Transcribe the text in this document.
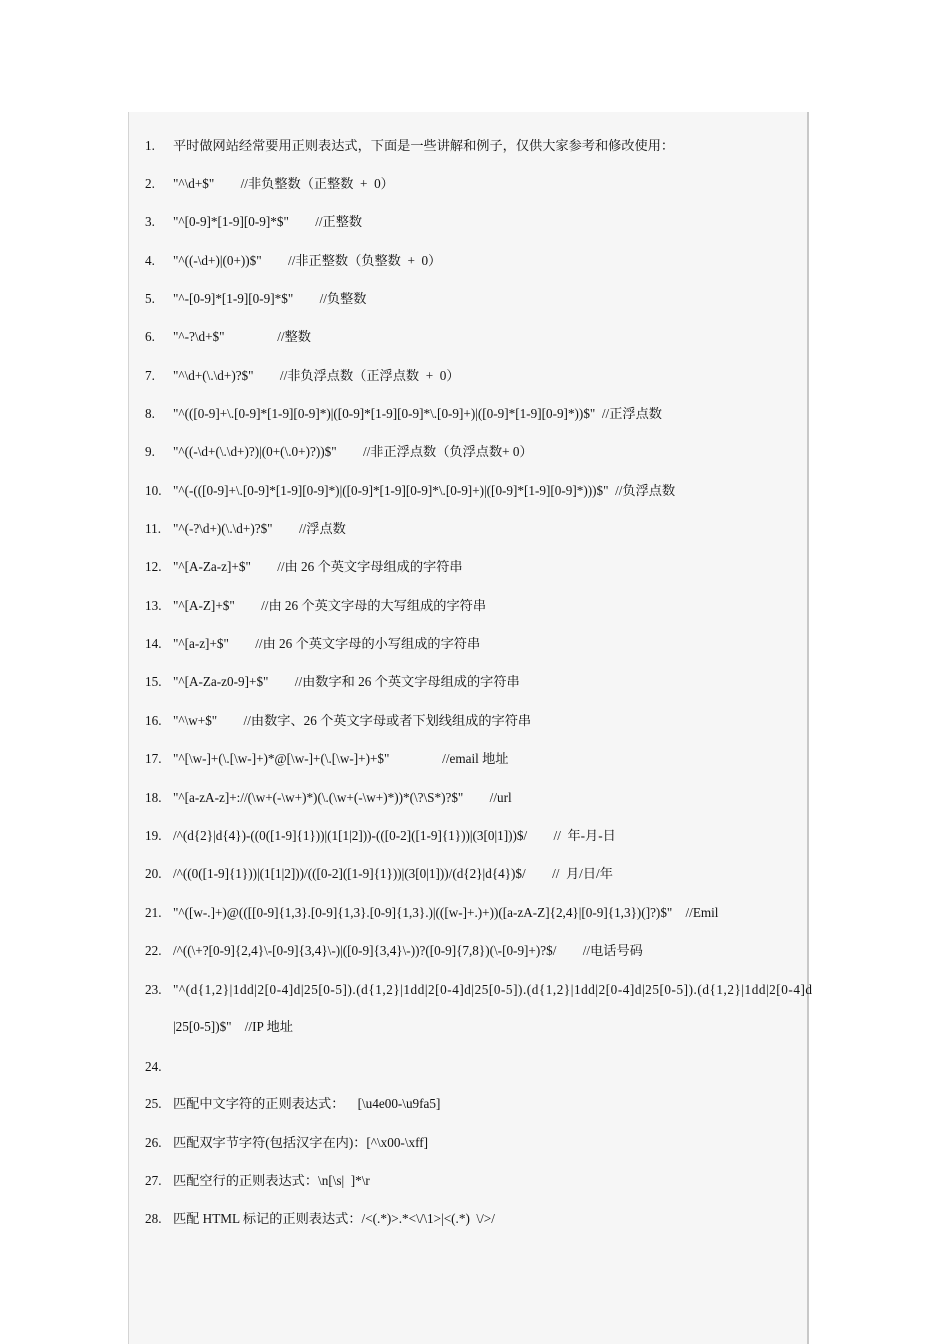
1.	平时做网站经常要用正则表达式，下面是一些讲解和例子，仅供大家参考和修改使用：
2.	"^\d+$"        //非负整数（正整数  +  0）
3.	"^[0-9]*[1-9][0-9]*$"        //正整数
4.	"^((-\d+)|(0+))$"        //非正整数（负整数  +  0）
5.	"^-[0-9]*[1-9][0-9]*$"        //负整数
6.	"^-?\d+$"                //整数
7.	"^\d+(\.\d+)?$"        //非负浮点数（正浮点数  +  0）
8.	"^(([0-9]+\.[0-9]*[1-9][0-9]*)|([0-9]*[1-9][0-9]*\.[0-9]+)|([0-9]*[1-9][0-9]*))$"  //正浮点数
9.	"^((-\d+(\.\d+)?)|(0+(\.0+)?))$"        //非正浮点数（负浮点数+ 0）
10. "^(-(([0-9]+\.[0-9]*[1-9][0-9]*)|([0-9]*[1-9][0-9]*\.[0-9]+)|([0-9]*[1-9][0-9]*)))$"  //负浮点数
11. "^(-?\d+)(\.\d+)?$"        //浮点数
12. "^[A-Za-z]+$"        //由 26 个英文字母组成的字符串
13. "^[A-Z]+$"        //由 26 个英文字母的大写组成的字符串
14. "^[a-z]+$"        //由 26 个英文字母的小写组成的字符串
15. "^[A-Za-z0-9]+$"        //由数字和 26 个英文字母组成的字符串
16. "^\w+$"        //由数字、26 个英文字母或者下划线组成的字符串
17. "^[\w-]+(\.[\w-]+)*@[\w-]+(\.[\w-]+)+$"                //email 地址
18. "^[a-zA-z]+://(\w+(-\w+)*)(\.(\w+(-\w+)*))*(\?\S*)?$"        //url
19. /^(d{2}|d{4})-((0([1-9]{1}))|(1[1|2]))-(([0-2]([1-9]{1}))|(3[0|1]))$/        //  年-月-日
20. /^((0([1-9]{1}))|(1[1|2]))/(([0-2]([1-9]{1}))|(3[0|1]))/(d{2}|d{4})$/        //  月/日/年
21. "^([w-.]+)@(([[0-9]{1,3}.[0-9]{1,3}.[0-9]{1,3}.)|(([w-]+.)+))([a-zA-Z]{2,4}|[0-9]{1,3})(]?)$"    //Emil
22. /^((\+?[0-9]{2,4}\-[0-9]{3,4}\-)|([0-9]{3,4}\-))?([0-9]{7,8})(\-[0-9]+)?$/        //电话号码
23. "^(d{1,2}|1dd|2[0-4]d|25[0-5]).(d{1,2}|1dd|2[0-4]d|25[0-5]).(d{1,2}|1dd|2[0-4]d|25[0-5]).(d{1,2}|1dd|2[0-4]d
|25[0-5])$"    //IP 地址
24.
25. 匹配中文字符的正则表达式：    [\u4e00-\u9fa5]
26. 匹配双字节字符(包括汉字在内)：[^\x00-\xff]
27. 匹配空行的正则表达式：\n[\s|  ]*\r
28. 匹配 HTML 标记的正则表达式：/<(.*)>.*<\/\1>|<(.*)  \/>/
